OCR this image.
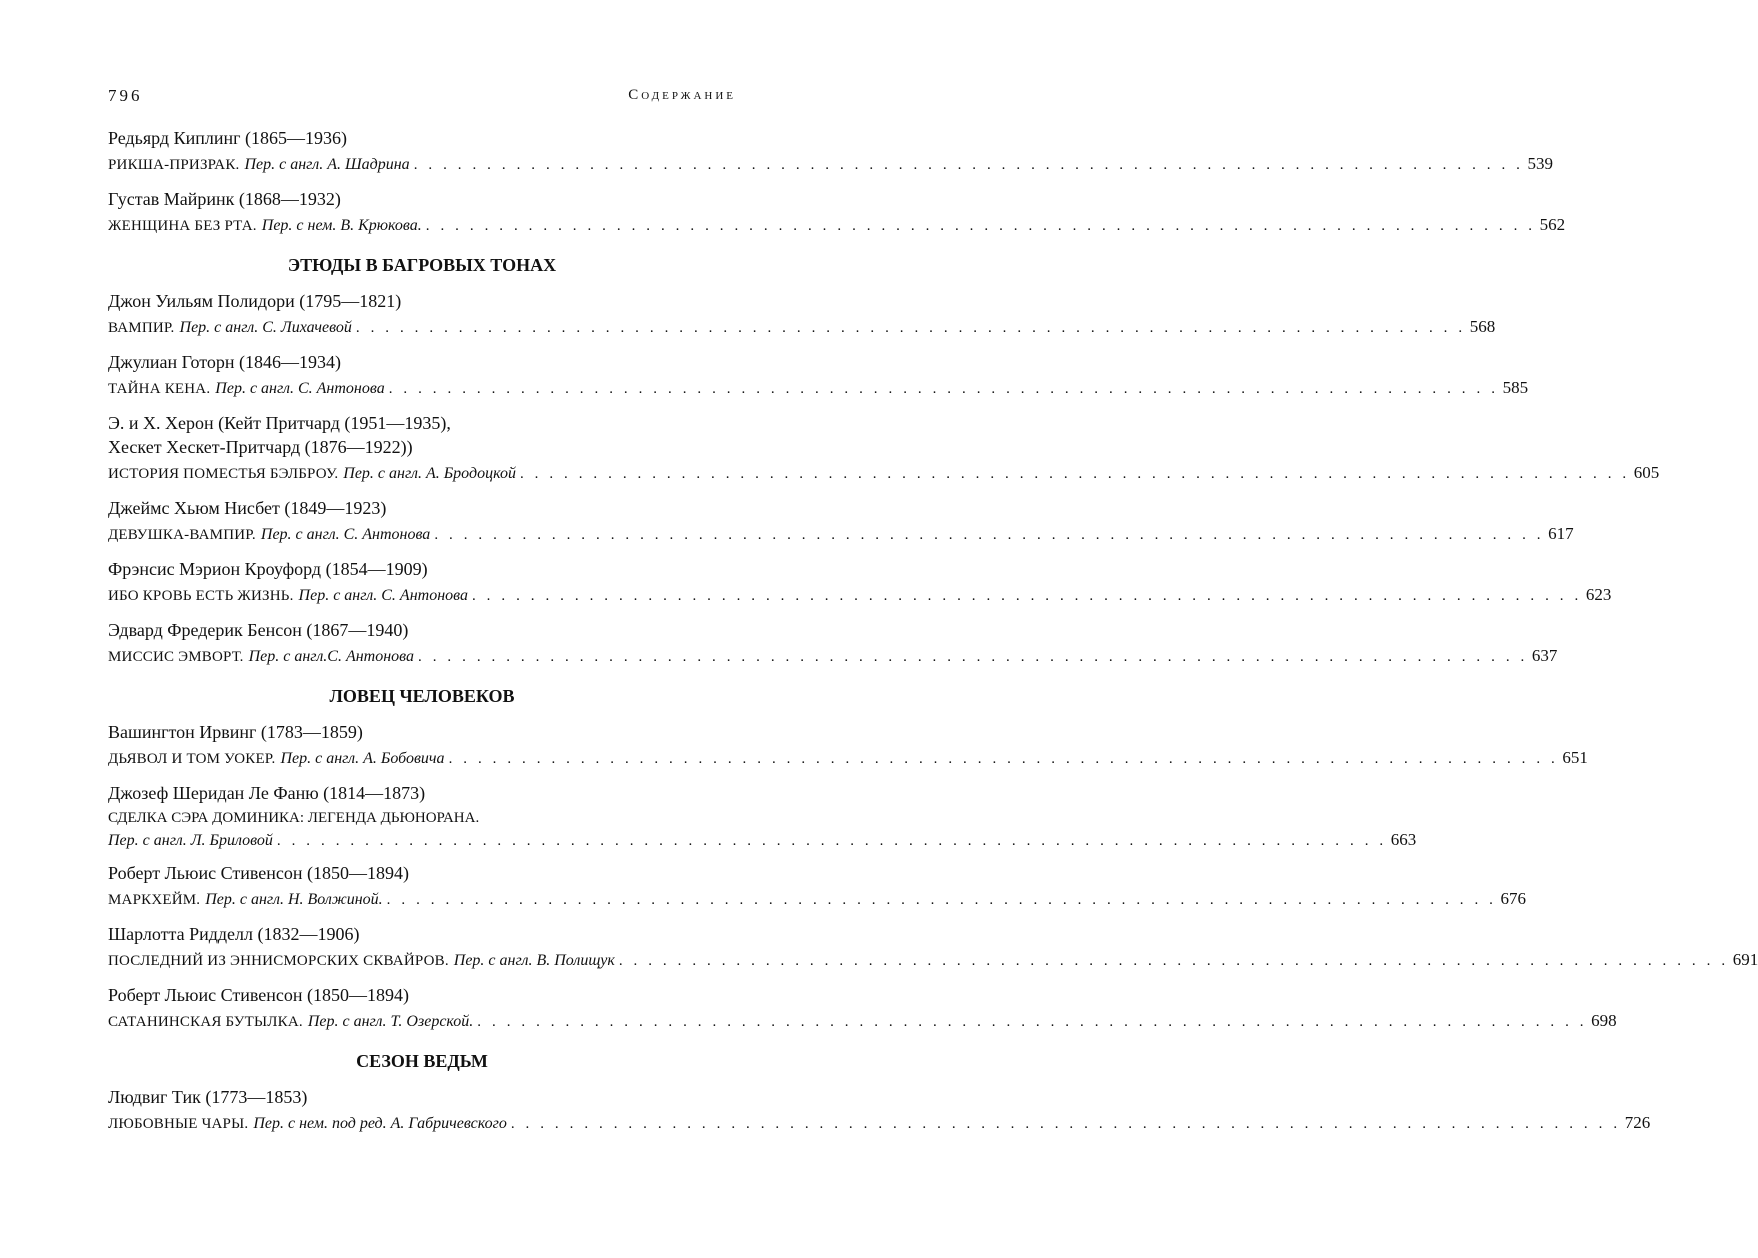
796	Содержание
Редьярд Киплинг (1865—1936)
РИКША-ПРИЗРАК. Пер. с англ. А. Шадрина . . . . . . . . . . . . . . . . . . . . . . . . . . . . . . . . . . . . . . . . . . . . . . . . . . . . . . . . . . . . . . . . . . . . . . . . . . . . 539
Густав Майринк (1868—1932)
ЖЕНЩИНА БЕЗ РТА. Пер. с нем. В. Крюкова. . . . . . . . . . . . . . . . . . . . . . . . . . . . . . . . . . . . . . . . . . . . . . . . . . . . . . . . . . . . . . . . . . . . . . . . . . . . . 562
ЭТЮДЫ В БАГРОВЫХ ТОНАХ
Джон Уильям Полидори (1795—1821)
ВАМПИР. Пер. с англ. С. Лихачевой . . . . . . . . . . . . . . . . . . . . . . . . . . . . . . . . . . . . . . . . . . . . . . . . . . . . . . . . . . . . . . . . . . . . . . . . . . . . 568
Джулиан Готорн (1846—1934)
ТАЙНА КЕНА. Пер. с англ. С. Антонова . . . . . . . . . . . . . . . . . . . . . . . . . . . . . . . . . . . . . . . . . . . . . . . . . . . . . . . . . . . . . . . . . . . . . . . . . . . . 585
Э. и Х. Херон (Кейт Притчард (1951—1935),
Хескет Хескет-Притчард (1876—1922))
ИСТОРИЯ ПОМЕСТЬЯ БЭЛБРОУ. Пер. с англ. А. Бродоцкой . . . . . . . . . . . . . . . . . . . . . . . . . . . . . . . . . . . . . . . . . . . . . . . . . . . . . . . . . . . . . . . . . . . . . . . . . . . . 605
Джеймс Хьюм Нисбет (1849—1923)
ДЕВУШКА-ВАМПИР. Пер. с англ. С. Антонова . . . . . . . . . . . . . . . . . . . . . . . . . . . . . . . . . . . . . . . . . . . . . . . . . . . . . . . . . . . . . . . . . . . . . . . . . . . . 617
Фрэнсис Мэрион Кроуфорд (1854—1909)
ИБО КРОВЬ ЕСТЬ ЖИЗНЬ. Пер. с англ. С. Антонова . . . . . . . . . . . . . . . . . . . . . . . . . . . . . . . . . . . . . . . . . . . . . . . . . . . . . . . . . . . . . . . . . . . . . . . . . . . . 623
Эдвард Фредерик Бенсон (1867—1940)
МИССИС ЭМВОРТ. Пер. с англ.С. Антонова . . . . . . . . . . . . . . . . . . . . . . . . . . . . . . . . . . . . . . . . . . . . . . . . . . . . . . . . . . . . . . . . . . . . . . . . . . . . 637
ЛОВЕЦ ЧЕЛОВЕКОВ
Вашингтон Ирвинг (1783—1859)
ДЬЯВОЛ И ТОМ УОКЕР. Пер. с англ. А. Бобовича . . . . . . . . . . . . . . . . . . . . . . . . . . . . . . . . . . . . . . . . . . . . . . . . . . . . . . . . . . . . . . . . . . . . . . . . . . . . 651
Джозеф Шеридан Ле Фаню (1814—1873)
СДЕЛКА СЭРА ДОМИНИКА: ЛЕГЕНДА ДЬЮНОРАНА.
Пер. с англ. Л. Бриловой . . . . . . . . . . . . . . . . . . . . . . . . . . . . . . . . . . . . . . . . . . . . . . . . . . . . . . . . . . . . . . . . . . . . . . . . . . . . 663
Роберт Льюис Стивенсон (1850—1894)
МАРКХЕЙМ. Пер. с англ. Н. Волжиной. . . . . . . . . . . . . . . . . . . . . . . . . . . . . . . . . . . . . . . . . . . . . . . . . . . . . . . . . . . . . . . . . . . . . . . . . . . . . 676
Шарлотта Ридделл (1832—1906)
ПОСЛЕДНИЙ ИЗ ЭННИСМОРСКИХ СКВАЙРОВ. Пер. с англ. В. Полищук . . . . . . . . . . . . . . . . . . . . . . . . . . . . . . . . . . . . . . . . . . . . . . . . . . . . . . . . . . . . . . . . . . . . . . . . . . . . 691
Роберт Льюис Стивенсон (1850—1894)
САТАНИНСКАЯ БУТЫЛКА. Пер. с англ. Т. Озерской. . . . . . . . . . . . . . . . . . . . . . . . . . . . . . . . . . . . . . . . . . . . . . . . . . . . . . . . . . . . . . . . . . . . . . . . . . . . . 698
СЕЗОН ВЕДЬМ
Людвиг Тик (1773—1853)
ЛЮБОВНЫЕ ЧАРЫ. Пер. с нем. под ред. А. Габричевского . . . . . . . . . . . . . . . . . . . . . . . . . . . . . . . . . . . . . . . . . . . . . . . . . . . . . . . . . . . . . . . . . . . . . . . . . . . . 726
